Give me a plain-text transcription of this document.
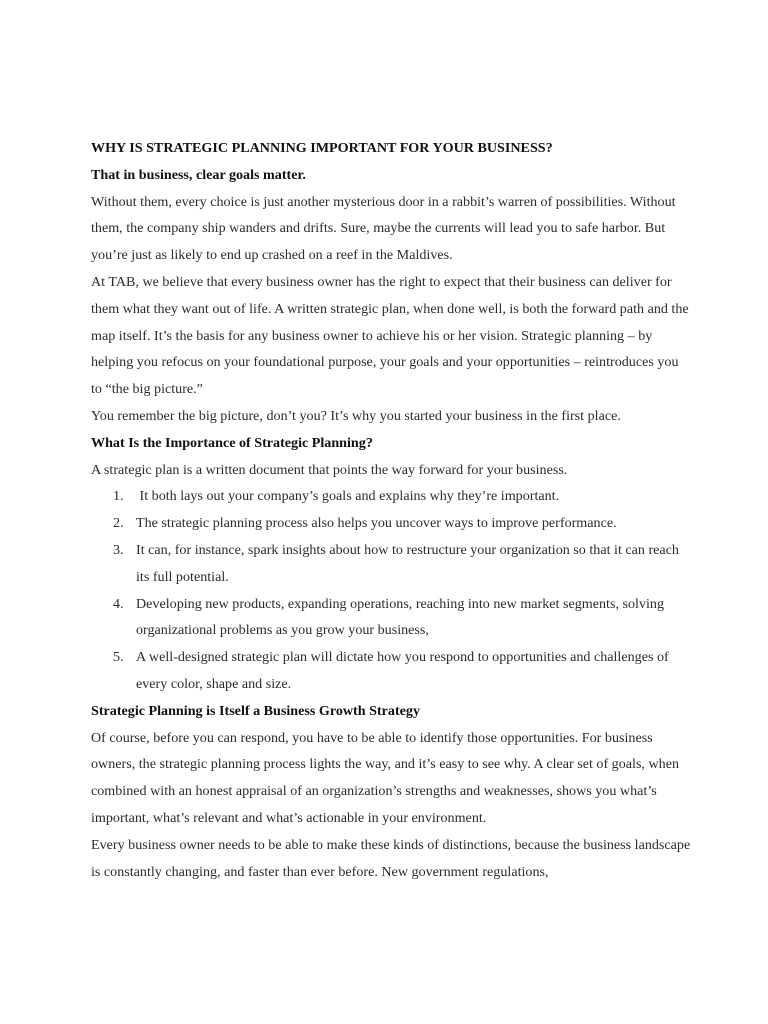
WHY IS STRATEGIC PLANNING IMPORTANT FOR YOUR BUSINESS?

That in business, clear goals matter.

Without them, every choice is just another mysterious door in a rabbit’s warren of possibilities. Without them, the company ship wanders and drifts. Sure, maybe the currents will lead you to safe harbor. But you’re just as likely to end up crashed on a reef in the Maldives.

At TAB, we believe that every business owner has the right to expect that their business can deliver for them what they want out of life. A written strategic plan, when done well, is both the forward path and the map itself. It’s the basis for any business owner to achieve his or her vision. Strategic planning – by helping you refocus on your foundational purpose, your goals and your opportunities – reintroduces you to “the big picture.”

You remember the big picture, don’t you? It’s why you started your business in the first place.

What Is the Importance of Strategic Planning?

A strategic plan is a written document that points the way forward for your business.

1. It both lays out your company’s goals and explains why they’re important.
2. The strategic planning process also helps you uncover ways to improve performance.
3. It can, for instance, spark insights about how to restructure your organization so that it can reach its full potential.
4. Developing new products, expanding operations, reaching into new market segments, solving organizational problems as you grow your business,
5. A well-designed strategic plan will dictate how you respond to opportunities and challenges of every color, shape and size.

Strategic Planning is Itself a Business Growth Strategy

Of course, before you can respond, you have to be able to identify those opportunities. For business owners, the strategic planning process lights the way, and it’s easy to see why. A clear set of goals, when combined with an honest appraisal of an organization’s strengths and weaknesses, shows you what’s important, what’s relevant and what’s actionable in your environment.

Every business owner needs to be able to make these kinds of distinctions, because the business landscape is constantly changing, and faster than ever before. New government regulations,
